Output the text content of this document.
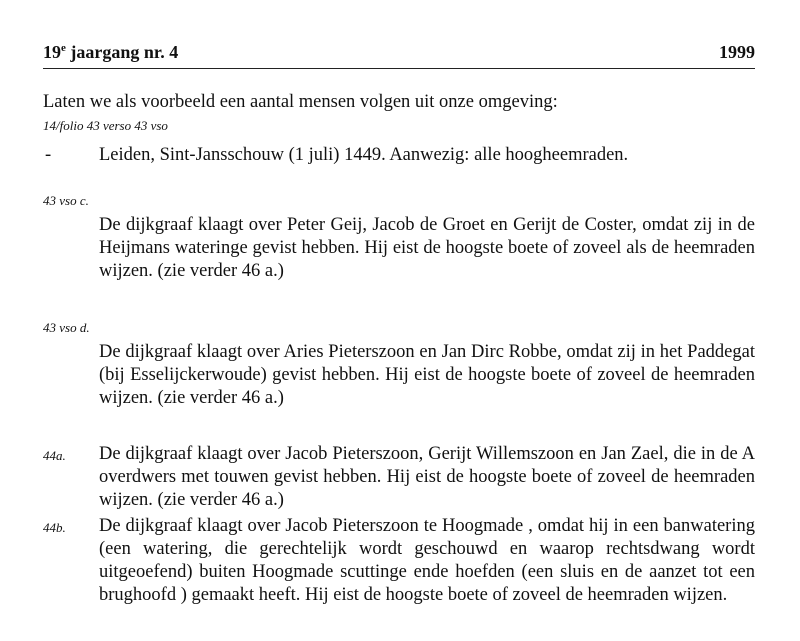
19e jaargang nr. 4	1999
Laten we als voorbeeld een aantal mensen volgen uit onze omgeving:
14/folio 43 verso 43 vso
-	Leiden, Sint-Jansschouw (1 juli) 1449. Aanwezig: alle hoogheemraden.
43 vso c.

De dijkgraaf klaagt over Peter Geij, Jacob de Groet en Gerijt de Coster, omdat zij in de Heijmans wateringe gevist hebben. Hij eist de hoogste boete of zoveel als de heemraden wijzen. (zie verder 46 a.)

43 vso d.

De dijkgraaf klaagt over Aries Pieterszoon en Jan Dirc Robbe, omdat zij in het Paddegat (bij Esselijckerwoude) gevist hebben. Hij eist de hoogste boete of zoveel de heemraden wijzen. (zie verder 46 a.)

44a. De dijkgraaf klaagt over Jacob Pieterszoon, Gerijt Willemszoon en Jan Zael, die in de A overdwers met touwen gevist hebben. Hij eist de hoogste boete of zoveel de heemraden wijzen. (zie verder 46 a.)

44b. De dijkgraaf klaagt over Jacob Pieterszoon te Hoogmade , omdat hij in een banwatering (een watering, die gerechtelijk wordt geschouwd en waarop rechtsdwang wordt uitgeoefend) buiten Hoogmade scuttinge ende hoefden (een sluis en de aanzet tot een brughoofd ) gemaakt heeft. Hij eist de hoogste boete of zoveel de heemraden wijzen.
